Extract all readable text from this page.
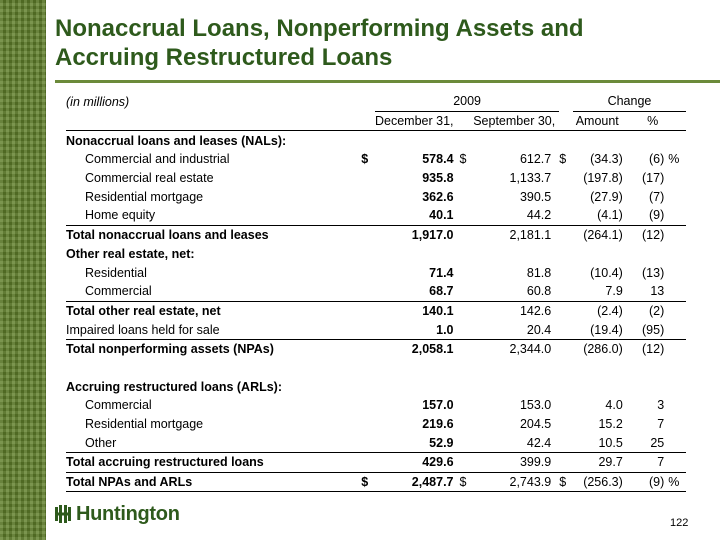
Nonaccrual Loans, Nonperforming Assets and
Accruing Restructured Loans
(in millions)		2009				Change		
		December 31,		September 30,		Amount	%	
Nonaccrual loans and leases (NALs):								
Commercial and industrial	$	578.4	$	612.7	$	(34.3)		(6)	%
Commercial real estate		935.8		1,133.7		(197.8)		(17)	
Residential mortgage		362.6		390.5		(27.9)		(7)	
Home equity		40.1		44.2		(4.1)		(9)	
Total nonaccrual loans and leases		1,917.0		2,181.1		(264.1)		(12)	
Other real estate, net:								
Residential		71.4		81.8		(10.4)		(13)	
Commercial		68.7		60.8		7.9		13	
Total other real estate, net		140.1		142.6		(2.4)		(2)	
Impaired loans held for sale		1.0		20.4		(19.4)		(95)	
Total nonperforming assets (NPAs)		2,058.1		2,344.0		(286.0)		(12)	

Accruing restructured loans (ARLs):								
Commercial		157.0		153.0		4.0		3	
Residential mortgage		219.6		204.5		15.2		7	
Other		52.9		42.4		10.5		25	
Total accruing restructured loans		429.6		399.9		29.7		7	
Total NPAs and ARLs	$	2,487.7	$	2,743.9	$	(256.3)		(9)	%
Huntington	122
